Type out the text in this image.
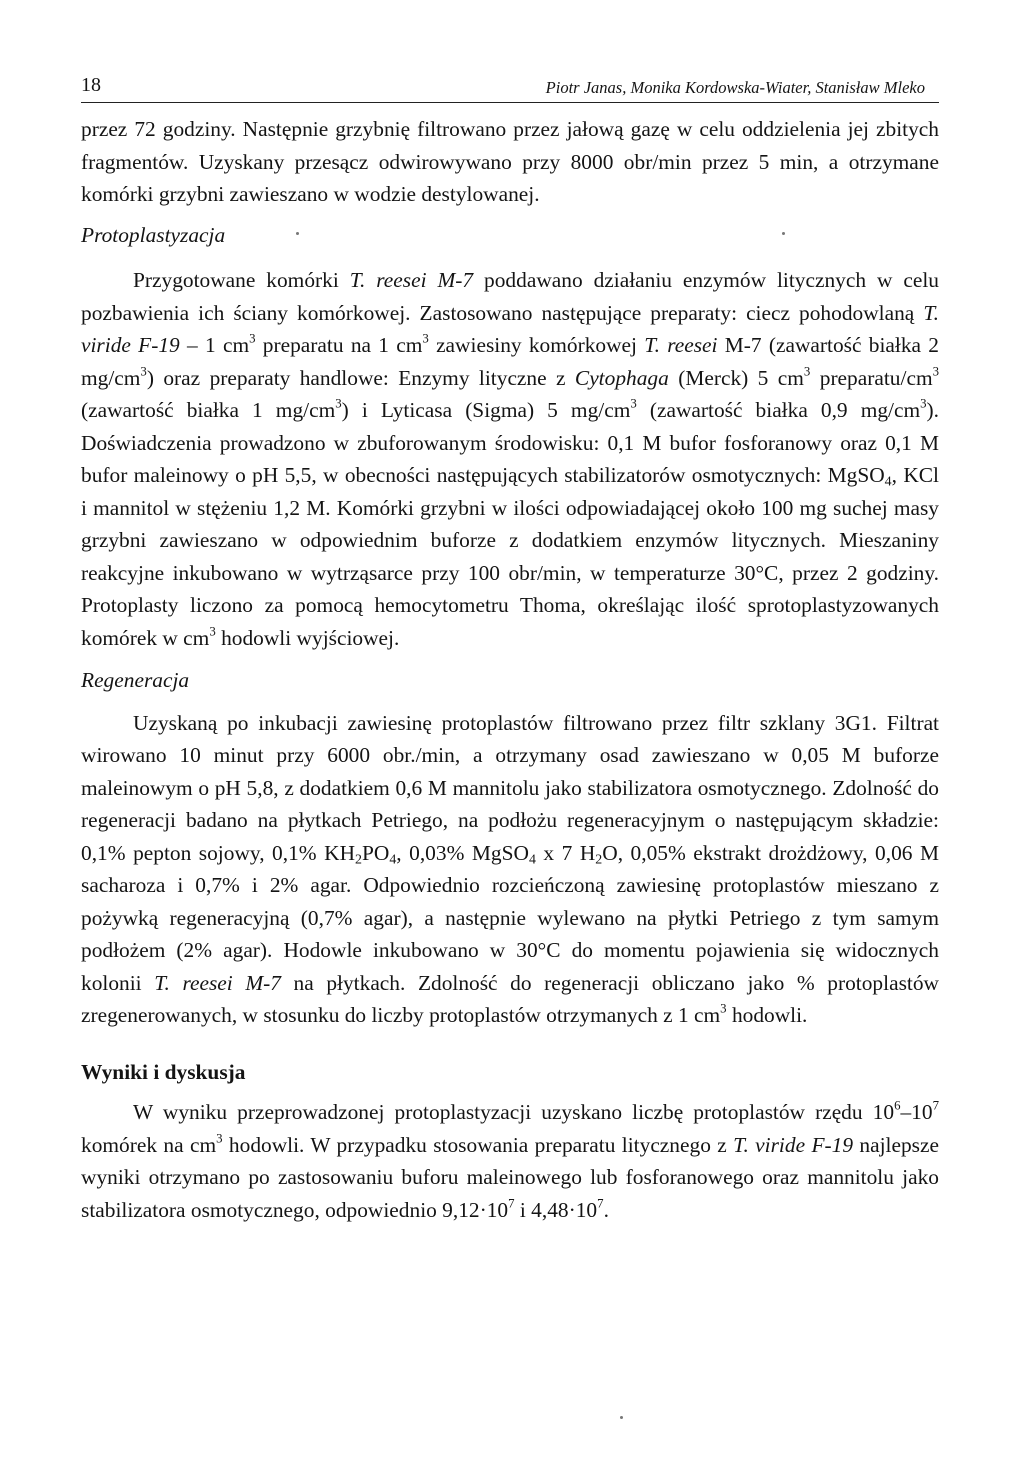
18	Piotr Janas, Monika Kordowska-Wiater, Stanisław Mleko

przez 72 godziny. Następnie grzybnię filtrowano przez jałową gazę w celu oddzielenia jej zbitych fragmentów. Uzyskany przesącz odwirowywano przy 8000 obr/min przez 5 min, a otrzymane komórki grzybni zawieszano w wodzie destylowanej.

Protoplastyzacja

Przygotowane komórki T. reesei M-7 poddawano działaniu enzymów litycznych w celu pozbawienia ich ściany komórkowej. Zastosowano następujące preparaty: ciecz pohodowlaną T. viride F-19 – 1 $cm^3$ preparatu na 1 $cm^3$ zawiesiny komórkowej T. reesei M-7 (zawartość białka 2 $mg/cm^3$) oraz preparaty handlowe: Enzymy lityczne z Cytophaga (Merck) 5 $cm^3$ preparatu/$cm^3$ (zawartość białka 1 $mg/cm^3$) i Lyticasa (Sigma) 5 $mg/cm^3$ (zawartość białka 0,9 $mg/cm^3$). Doświadczenia prowadzono w zbuforowanym środowisku: 0,1 M bufor fosforanowy oraz 0,1 M bufor maleinowy o pH 5,5, w obecności następujących stabilizatorów osmotycznych: MgSO$_4$, KCl i mannitol w stężeniu 1,2 M. Komórki grzybni w ilości odpowiadającej około 100 mg suchej masy grzybni zawieszano w odpowiednim buforze z dodatkiem enzymów litycznych. Mieszaniny reakcyjne inkubowano w wytrząsarce przy 100 obr/min, w temperaturze 30°C, przez 2 godziny. Protoplasty liczono za pomocą hemocytometru Thoma, określając ilość sprotoplastyzowanych komórek w $cm^3$ hodowli wyjściowej.

Regeneracja

Uzyskaną po inkubacji zawiesinę protoplastów filtrowano przez filtr szklany 3G1. Filtrat wirowano 10 minut przy 6000 obr./min, a otrzymany osad zawieszano w 0,05 M buforze maleinowym o pH 5,8, z dodatkiem 0,6 M mannitolu jako stabilizatora osmotycznego. Zdolność do regeneracji badano na płytkach Petriego, na podłożu regeneracyjnym o następującym składzie: 0,1% pepton sojowy, 0,1% $KH_2PO_4$, 0,03% MgSO$_4$ x 7 $H_2O$, 0,05% ekstrakt drożdżowy, 0,06 M sacharoza i 0,7% i 2% agar. Odpowiednio rozcieńczoną zawiesinę protoplastów mieszano z pożywką regeneracyjną (0,7% agar), a następnie wylewano na płytki Petriego z tym samym podłożem (2% agar). Hodowle inkubowano w 30°C do momentu pojawienia się widocznych kolonii T. reesei M-7 na płytkach. Zdolność do regeneracji obliczano jako % protoplastów zregenerowanych, w stosunku do liczby protoplastów otrzymanych z 1 $cm^3$ hodowli.

Wyniki i dyskusja

W wyniku przeprowadzonej protoplastyzacji uzyskano liczbę protoplastów rzędu $10^6-10^7$ komórek na $cm^3$ hodowli. W przypadku stosowania preparatu litycznego z T. viride F-19 najlepsze wyniki otrzymano po zastosowaniu buforu maleinowego lub fosforanowego oraz mannitolu jako stabilizatora osmotycznego, odpowiednio $9,12\cdot 10^7$ i $4,48\cdot 10^7$.
